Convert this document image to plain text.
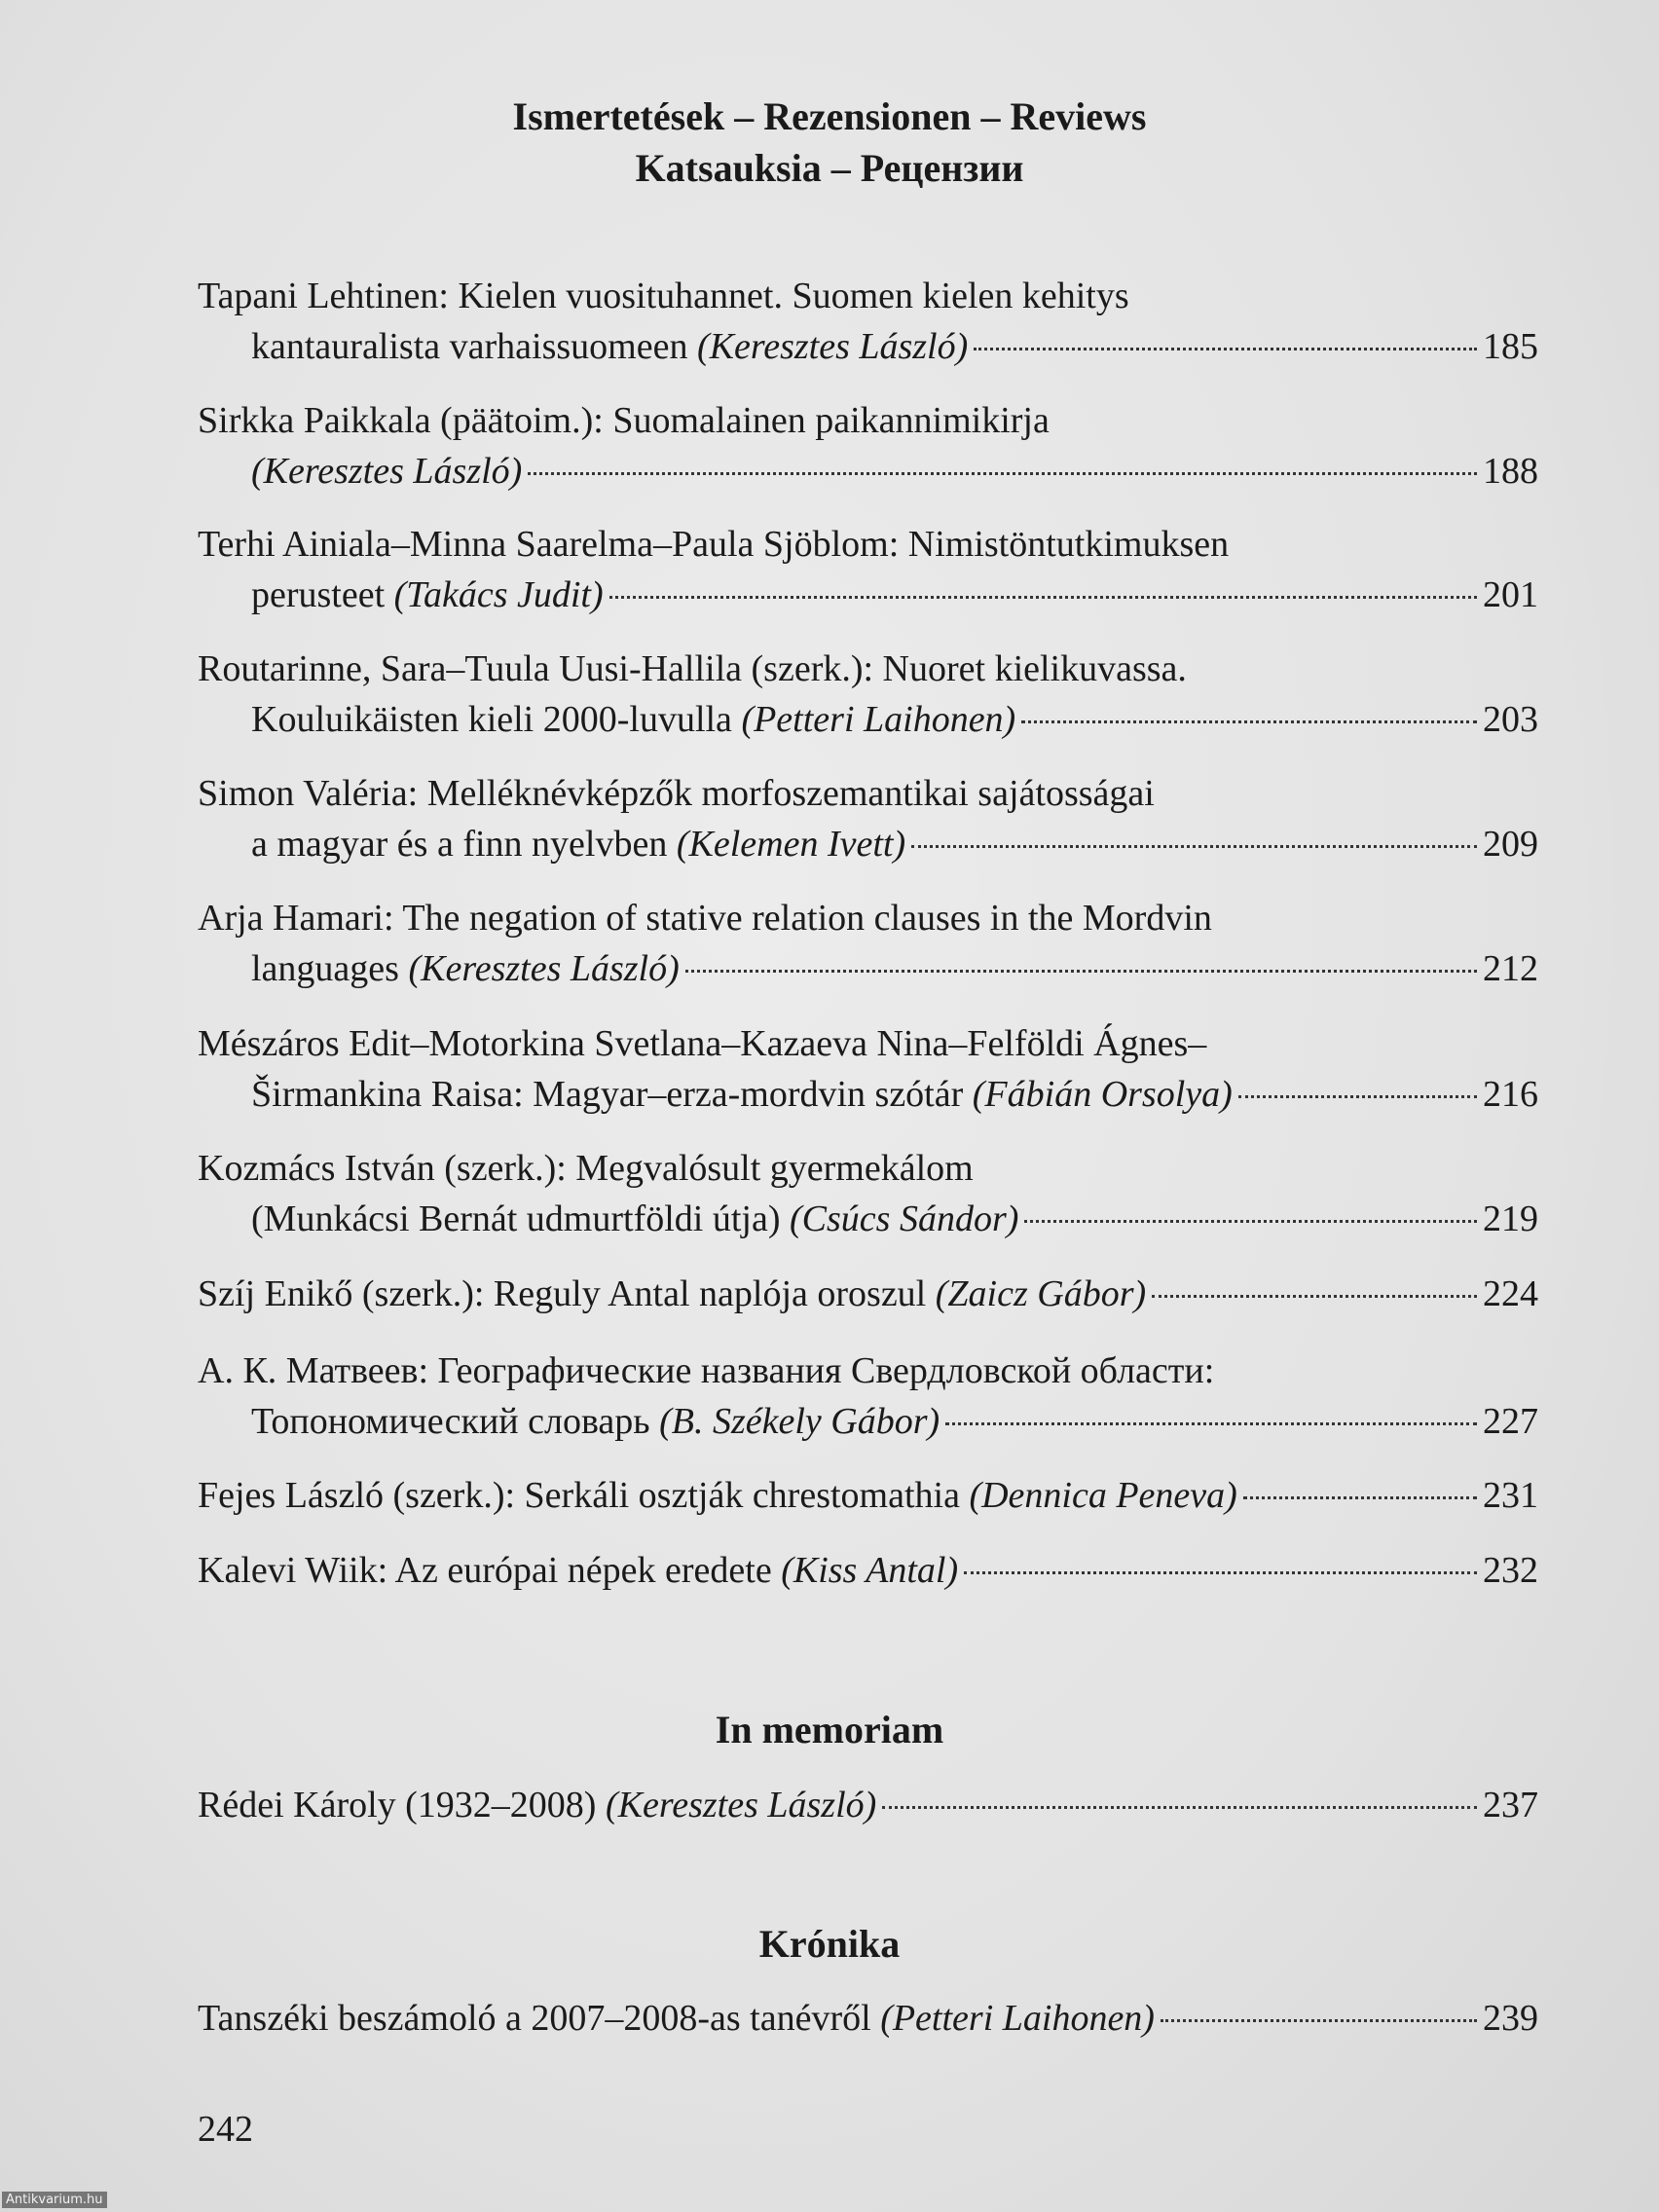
Ismertetések – Rezensionen – Reviews
Katsauksia – Рецензии
Tapani Lehtinen: Kielen vuosituhannet. Suomen kielen kehitys
kantauralista varhaissuomeen
(Keresztes László)	185
Sirkka Paikkala (päätoim.): Suomalainen paikannimikirja
(Keresztes László)	188
Terhi Ainiala–Minna Saarelma–Paula Sjöblom: Nimistöntutkimuksen
perusteet
(Takács Judit)	201
Routarinne, Sara–Tuula Uusi-Hallila (szerk.): Nuoret kielikuvassa.
Kouluikäisten kieli 2000-luvulla
(Petteri Laihonen)	203
Simon Valéria: Melléknévképzők morfoszemantikai sajátosságai
a magyar és a finn nyelvben
(Kelemen Ivett)	209
Arja Hamari: The negation of stative relation clauses in the Mordvin
languages
(Keresztes László)	212
Mészáros Edit–Motorkina Svetlana–Kazaeva Nina–Felföldi Ágnes–
Širmankina Raisa: Magyar–erza-mordvin szótár
(Fábián Orsolya)	216
Kozmács István (szerk.): Megvalósult gyermekálom
(Munkácsi Bernát udmurtföldi útja)
(Csúcs Sándor)	219
Szíj Enikő (szerk.): Reguly Antal naplója oroszul
(Zaicz Gábor)	224
А. К. Матвеев: Географические названия Свердловской области:
Топономический словарь
(B. Székely Gábor)	227
Fejes László (szerk.): Serkáli osztják chrestomathia
(Dennica Peneva)	231
Kalevi Wiik: Az európai népek eredete
(Kiss Antal)	232
In memoriam
Rédei Károly (1932–2008)
(Keresztes László)	237
Krónika
Tanszéki beszámoló a 2007–2008-as tanévről
(Petteri Laihonen)	239
242
Antikvarium.hu
